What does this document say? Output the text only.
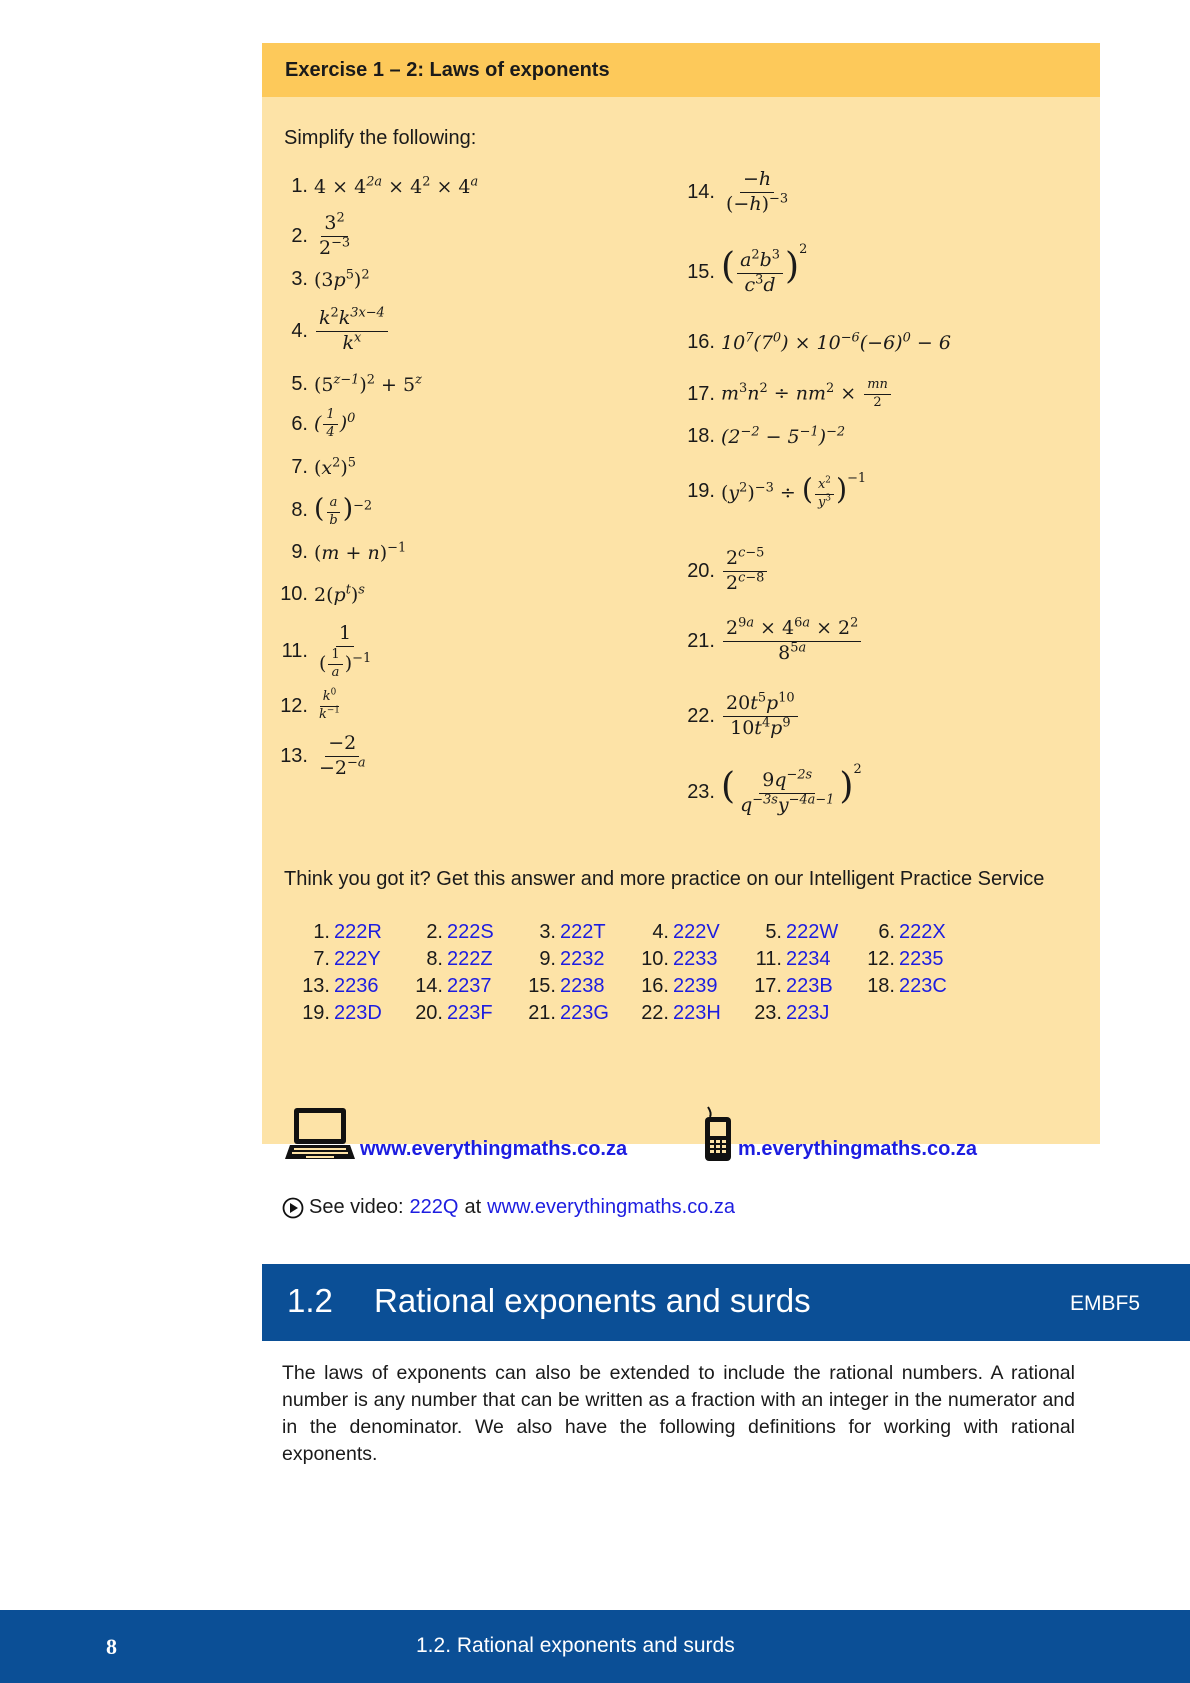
Exercise 1 – 2: Laws of exponents
Simplify the following:
1. $4 \times 4^{2a} \times 4^2 \times 4^a$
2. $\frac{3^2}{2^{-3}}$
3. $(3p^5)^2$
4. $\frac{k^2k^{3x-4}}{k^x}$
5. $(5^{z-1})^2 + 5^z$
6. ( $\frac{1}{4} )^0$
7. $(x^2)^5$
8. ( $\frac{a}{b} )^{-2}$
9. $(m + n)^{-1}$
10. $2(p^t)^s$
11. $\frac{1}{( \frac{1}{a} )^{-1}}$
12. $\frac{k^0}{k^{-1}}$
13. $\frac{-2}{-2^{-a}}$
14. $\frac{-h}{(-h)^{-3}}$
15. ( $\frac{a^2b^3}{c^3d} )^2$
16. $10^7(7^0) \times 10^{-6}(-6)^0 - 6$
17. $m^3n^2 \div nm^2 \times \frac{mn}{2}$
18. $(2^{-2} - 5^{-1})^{-2}$
19. $(y^2)^{-3}$ ÷ ( $\frac{x^2}{y^3} )^{-1}$
20. $\frac{2^{c-5}}{2^{c-8}}$
21. $\frac{2^{9a} \times 4^{6a} \times 2^2}{8^{5a}}$
22. $\frac{20t^5p^{10}}{10t^4p^9}$
23. ( $\frac{9q^{-2s}}{q^{-3s}y^{-4a-1}} )^2$
Think you got it? Get this answer and more practice on our Intelligent Practice Service
1. 222R	2. 222S	3. 222T	4. 222V	5. 222W	6. 222X
7. 222Y	8. 222Z	9. 2232	10. 2233	11. 2234	12. 2235
13. 2236	14. 2237	15. 2238	16. 2239	17. 223B	18. 223C
19. 223D	20. 223F	21. 223G	22. 223H	23. 223J
www.everythingmaths.co.za	m.everythingmaths.co.za
See video: 222Q at www.everythingmaths.co.za
1.2 Rational exponents and surds	EMBF5
The laws of exponents can also be extended to include the rational numbers. A rational number is any number that can be written as a fraction with an integer in the numerator and in the denominator. We also have the following definitions for working with rational exponents.
8	1.2. Rational exponents and surds
